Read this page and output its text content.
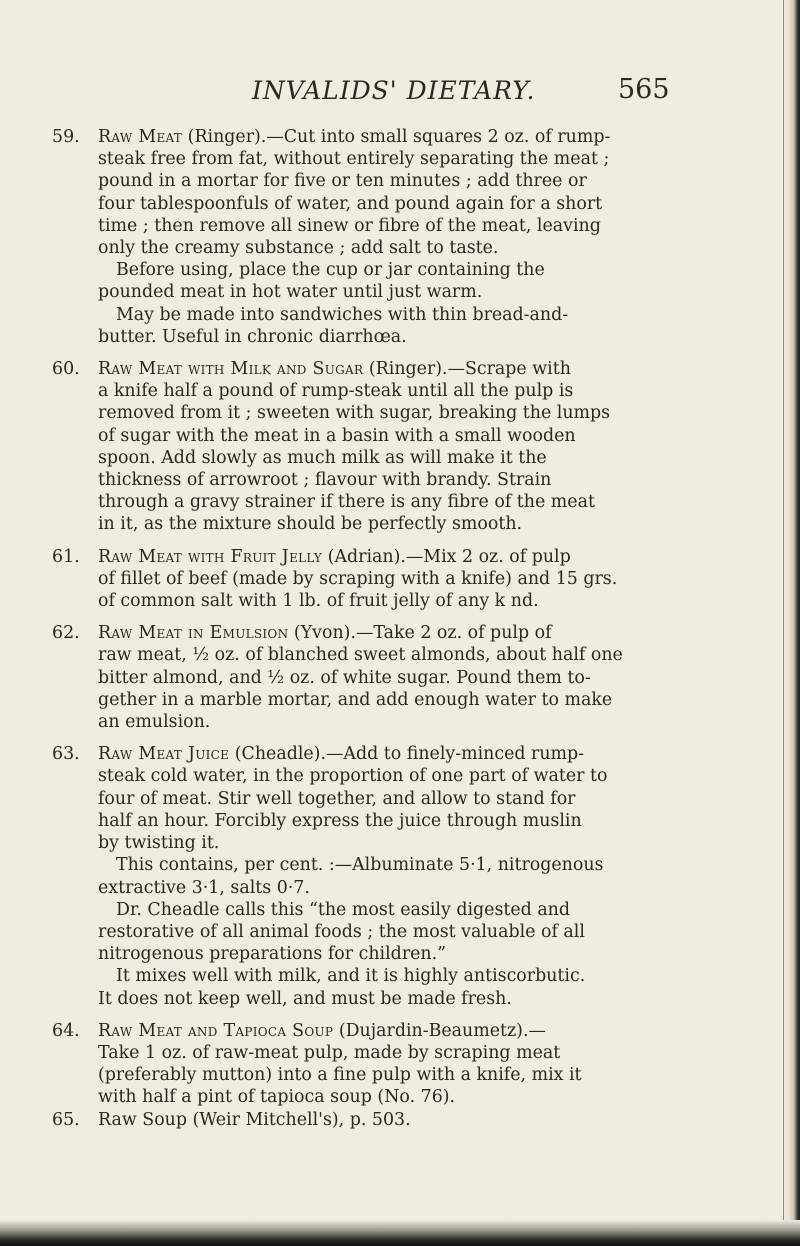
INVALIDS' DIETARY.	565
59.	Raw Meat (Ringer).—Cut into small squares 2 oz. of rump-
steak free from fat, without entirely separating the meat ;
pound in a mortar for five or ten minutes ; add three or
four tablespoonfuls of water, and pound again for a short
time ; then remove all sinew or fibre of the meat, leaving
only the creamy substance ; add salt to taste.
Before using, place the cup or jar containing the
pounded meat in hot water until just warm.
May be made into sandwiches with thin bread-and-
butter. Useful in chronic diarrhœa.
60.	Raw Meat with Milk and Sugar (Ringer).—Scrape with
a knife half a pound of rump-steak until all the pulp is
removed from it ; sweeten with sugar, breaking the lumps
of sugar with the meat in a basin with a small wooden
spoon. Add slowly as much milk as will make it the
thickness of arrowroot ; flavour with brandy. Strain
through a gravy strainer if there is any fibre of the meat
in it, as the mixture should be perfectly smooth.
61.	Raw Meat with Fruit Jelly (Adrian).—Mix 2 oz. of pulp
of fillet of beef (made by scraping with a knife) and 15 grs.
of common salt with 1 lb. of fruit jelly of any k nd.
62.	Raw Meat in Emulsion (Yvon).—Take 2 oz. of pulp of
raw meat, ½ oz. of blanched sweet almonds, about half one
bitter almond, and ½ oz. of white sugar. Pound them to-
gether in a marble mortar, and add enough water to make
an emulsion.
63.	Raw Meat Juice (Cheadle).—Add to finely-minced rump-
steak cold water, in the proportion of one part of water to
four of meat. Stir well together, and allow to stand for
half an hour. Forcibly express the juice through muslin
by twisting it.
This contains, per cent. :—Albuminate 5·1, nitrogenous
extractive 3·1, salts 0·7.
Dr. Cheadle calls this “the most easily digested and
restorative of all animal foods ; the most valuable of all
nitrogenous preparations for children.”
It mixes well with milk, and it is highly antiscorbutic.
It does not keep well, and must be made fresh.
64.	Raw Meat and Tapioca Soup (Dujardin-Beaumetz).—
Take 1 oz. of raw-meat pulp, made by scraping meat
(preferably mutton) into a fine pulp with a knife, mix it
with half a pint of tapioca soup (No. 76).
65.	Raw Soup (Weir Mitchell's), p. 503.
